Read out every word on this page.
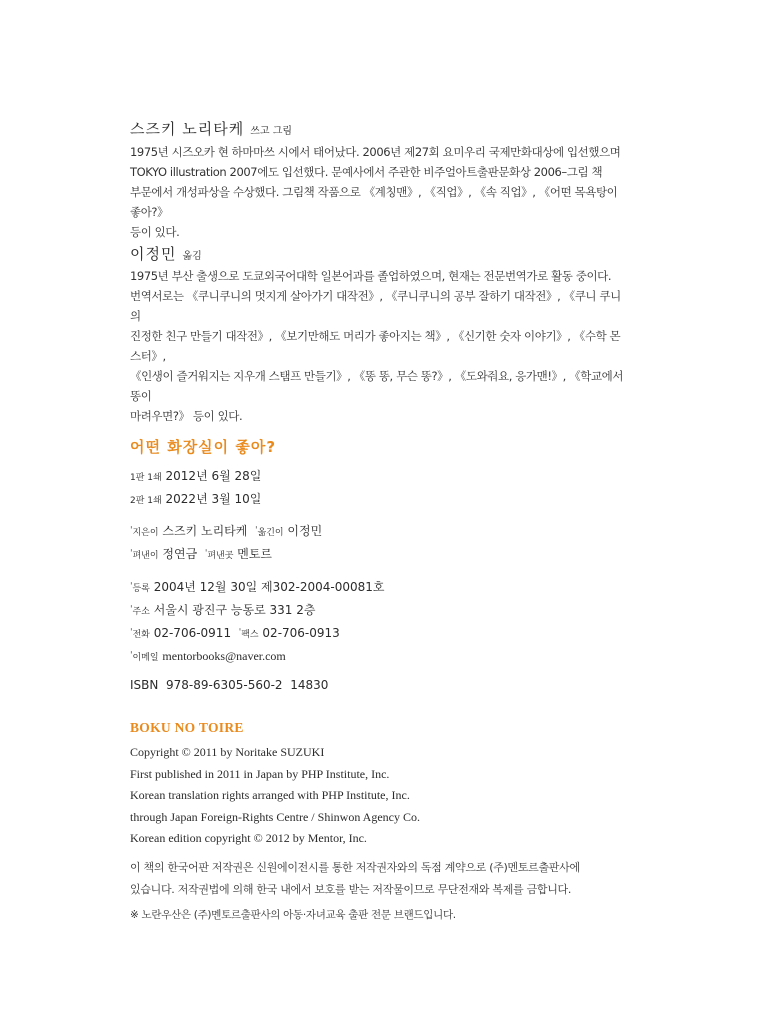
스즈키 노리타케 쓰고 그림
1975년 시즈오카 현 하마마쓰 시에서 태어났다. 2006년 제27회 요미우리 국제만화대상에 입선했으며
TOKYO illustration 2007에도 입선했다. 문예사에서 주관한 비주얼아트출판문화상 2006–그림 책
부문에서 개성파상을 수상했다. 그림책 작품으로 《계칭맨》, 《직업》, 《속 직업》, 《어떤 목욕탕이 좋아?》
등이 있다.
이정민 옮김
1975년 부산 출생으로 도쿄외국어대학 일본어과를 졸업하였으며, 현재는 전문번역가로 활동 중이다.
번역서로는 《쿠니쿠니의 멋지게 살아가기 대작전》, 《쿠니쿠니의 공부 잘하기 대작전》, 《쿠니 쿠니의
진정한 친구 만들기 대작전》, 《보기만해도 머리가 좋아지는 책》, 《신기한 숫자 이야기》, 《수학 몬스터》,
《인생이 즐거워지는 지우개 스탬프 만들기》, 《똥 똥, 무슨 똥?》, 《도와줘요, 응가맨!》, 《학교에서 똥이
마려우면?》 등이 있다.
어떤 화장실이 좋아?
1판 1쇄 2012년 6월 28일
2판 1쇄 2022년 3월 10일
ˈ지은이 스즈키 노리타케 ˈ옮긴이 이정민
ˈ펴낸이 정연금 ˈ펴낸곳 멘토르
ˈ등록 2004년 12월 30일 제302-2004-00081호
ˈ주소 서울시 광진구 능동로 331 2층
ˈ전화 02-706-0911 ˈ팩스 02-706-0913
ˈ이메일 mentorbooks@naver.com
ISBN  978-89-6305-560-2  14830
BOKU NO TOIRE
Copyright © 2011 by Noritake SUZUKI
First published in 2011 in Japan by PHP Institute, Inc.
Korean translation rights arranged with PHP Institute, Inc.
through Japan Foreign-Rights Centre / Shinwon Agency Co.
Korean edition copyright © 2012 by Mentor, Inc.
이 책의 한국어판 저작권은 신원에이전시를 통한 저작권자와의 독점 계약으로 (주)멘토르출판사에
있습니다. 저작권법에 의해 한국 내에서 보호를 받는 저작물이므로 무단전재와 복제를 금합니다.
※ 노란우산은 (주)멘토르출판사의 아동·자녀교육 출판 전문 브랜드입니다.
